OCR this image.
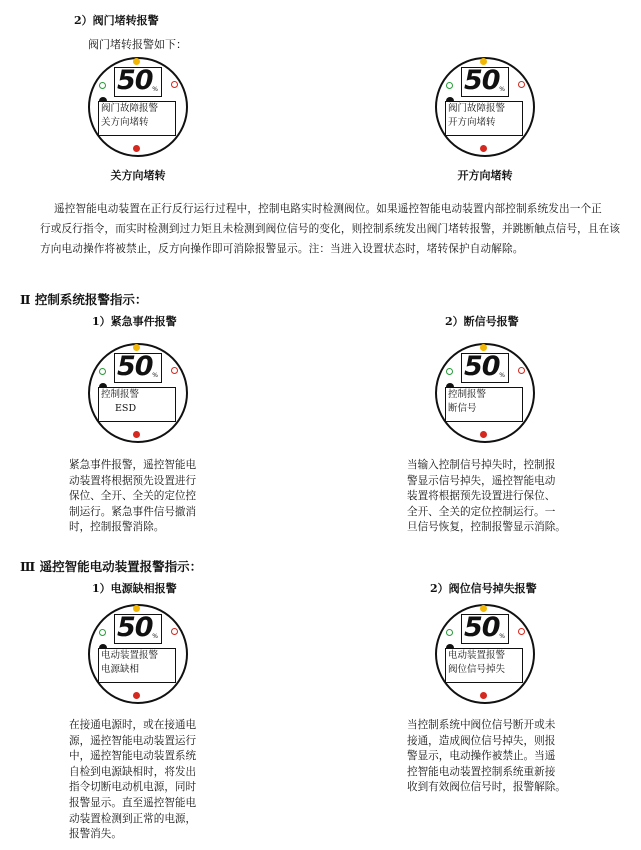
2）阀门堵转报警
阀门堵转报警如下：
50 %
阀门故障报警
关方向堵转
关方向堵转
50 %
阀门故障报警
开方向堵转
开方向堵转
遥控智能电动装置在正行反行运行过程中，控制电路实时检测阀位。如果遥控智能电动装置内部控制系统发出一个正
行或反行指令，而实时检测到过力矩且未检测到阀位信号的变化，则控制系统发出阀门堵转报警，并跳断触点信号，且在该
方向电动操作将被禁止，反方向操作即可消除报警显示。注：当进入设置状态时，堵转保护自动解除。
Ⅱ 控制系统报警指示：
1）紧急事件报警	2）断信号报警
50 %
控制报警
ESD
50 %
控制报警
断信号
紧急事件报警，遥控智能电
动装置将根据预先设置进行
保位、全开、全关的定位控
制运行。紧急事件信号撤消
时，控制报警消除。
当输入控制信号掉失时，控制报
警显示信号掉失，遥控智能电动
装置将根据预先设置进行保位、
全开、全关的定位控制运行。一
旦信号恢复，控制报警显示消除。
Ⅲ 遥控智能电动装置报警指示：
1）电源缺相报警	2）阀位信号掉失报警
50 %
电动装置报警
电源缺相
50 %
电动装置报警
阀位信号掉失
在接通电源时，或在接通电
源，遥控智能电动装置运行
中，遥控智能电动装置系统
自检到电源缺相时，将发出
指令切断电动机电源，同时
报警显示。直至遥控智能电
动装置检测到正常的电源，
报警消失。
当控制系统中阀位信号断开或未
接通，造成阀位信号掉失，则报
警显示，电动操作被禁止。当遥
控智能电动装置控制系统重新接
收到有效阀位信号时，报警解除。
